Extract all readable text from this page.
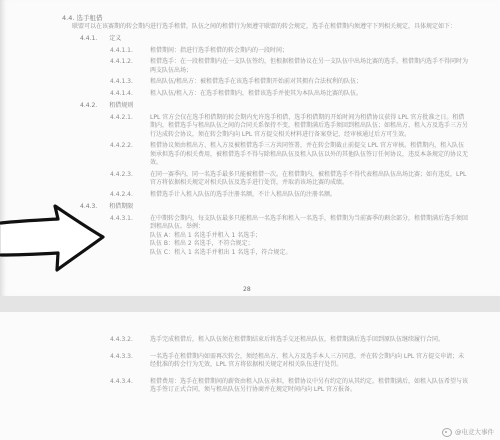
4.4. 选手租借
联盟可以在该赛期的转会期内进行选手租借，队伍之间的租借行为须遵守联盟的转会规定，选手在租借期内须遵守下列相关规定，具体规定如下：
4.4.1. 定义
4.4.1.1.	租借期间：指进行选手租借的转会期内的一段时间；
4.4.1.2.	租借选手：在一段租借期内在一支队伍签约，但根据租借协议在另一支队伍中出场比赛的选手，租借期内选手不得同时为两支队伍出场；
4.4.1.3.	租出队伍/租出方：被租借选手在该选手租借期开始前对其拥有合法权利的队伍；
4.4.1.4.	租入队伍/租入方：在选手租借期内，租借该选手并使其为本队出场比赛的队伍。
4.4.2. 租借规则
4.4.2.1.	LPL 官方会仅在选手租借期的转会期内允许选手租借，选手租借期的开始时间为租借协议获得 LPL 官方批准之日。租借期内，租借选手与租出队伍之间的合同关系保持不变，租借期满后选手须回到租出队伍；如租出方、租入方及选手三方另行达成转会协议，须在转会期内向 LPL 官方提交相关材料进行备案登记，经审核通过后方可生效。
4.4.2.2.	租借协议须由租出方、租入方及被租借选手三方共同签署，并在转会期截止前提交 LPL 官方审核。租借期内，租入队伍须承担选手的相关费用，被租借选手不得与除租出队伍及租入队伍以外的其他队伍签订任何协议，违反本条规定的协议无效。
4.4.2.3.	在同一赛季内，同一名选手最多只能被租借一次。在租借期内，被租借选手不得代表租出队伍出场比赛；如有违反，LPL 官方将依据相关规定对相关队伍及选手进行处罚，并取消该场比赛的成绩。
4.4.2.4.	租借选手计入租入队伍的选手注册名额，不计入租出队伍的注册名额。
4.4.3. 租借期限
4.4.3.1.	在中期转会期内，每支队伍最多只能租出一名选手和租入一名选手，租借期为当前赛季的剩余部分，租借期满后选手须回到租出队伍。举例：
队伍 A：租出 1 名选手并租入 1 名选手；
队伍 B：租出 2 名选手，不符合规定；
队伍 C：租入 1 名选手并租出 1 名选手，符合规定。
28
4.4.3.2.	选手完成租借后，租入队伍须在租借期结束后将选手交还租出队伍，租借期满后选手回到原队伍继续履行合同。
4.4.3.3.	一名选手在租借期内如需再次转会，须经租出方、租入方及选手本人三方同意，并在转会期内向 LPL 官方提交申请；未经批准的转会行为无效，LPL 官方将依据相关规定对相关队伍进行处罚。
4.4.3.4.	租借费用：选手在租借期间的薪资由租入队伍承担，租借协议中另有约定的从其约定。租借期满后，如租入队伍希望与该选手签订正式合同，须与租出队伍另行协商并在规定时间内向 LPL 官方报备。
@电竞大事件
